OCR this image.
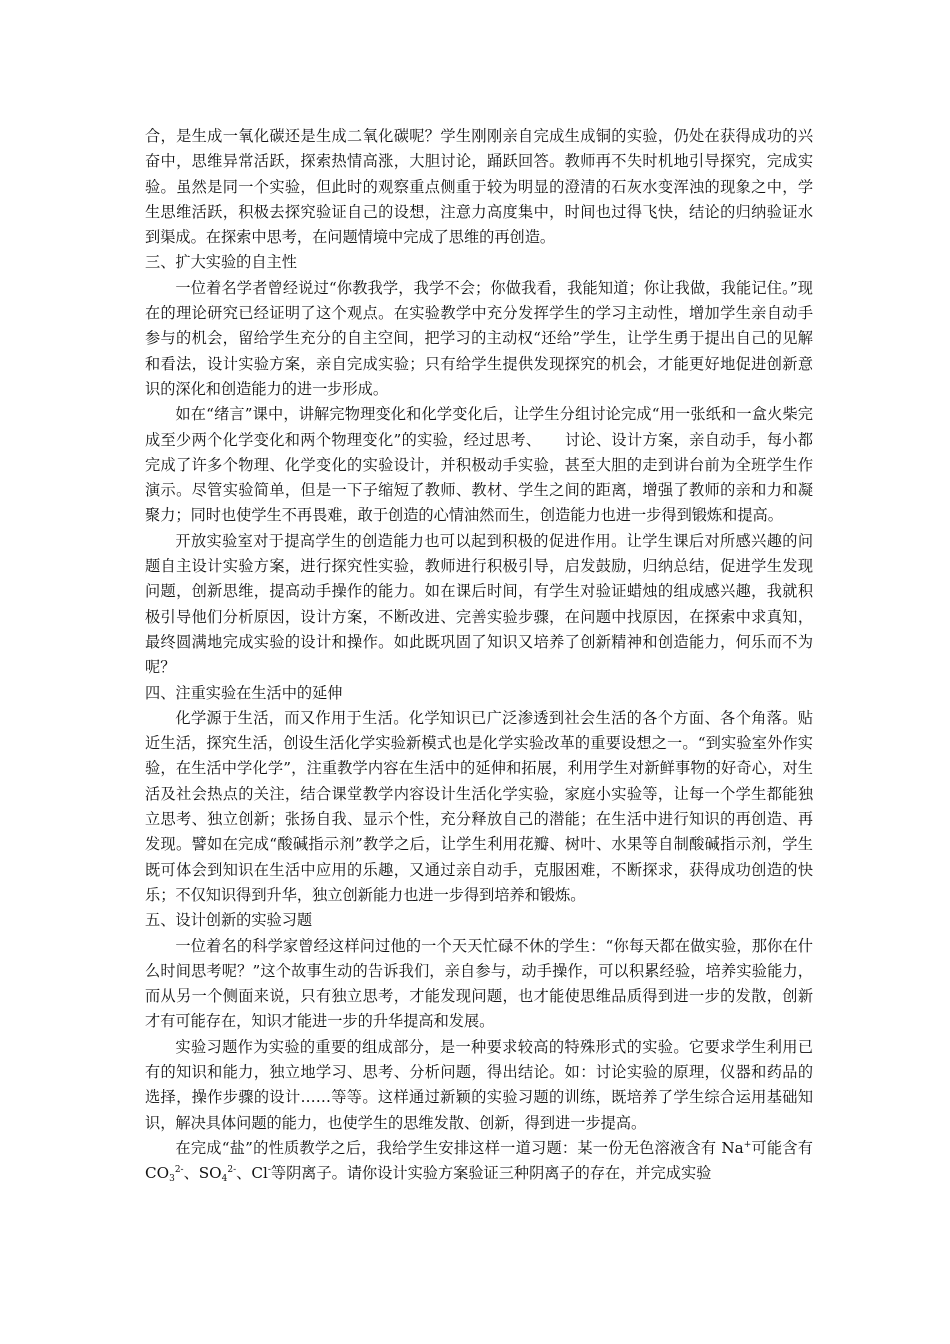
合，是生成一氧化碳还是生成二氧化碳呢？学生刚刚亲自完成生成铜的实验，仍处在获得成功的兴奋中，思维异常活跃，探索热情高涨，大胆讨论，踊跃回答。教师再不失时机地引导探究，完成实验。虽然是同一个实验，但此时的观察重点侧重于较为明显的澄清的石灰水变浑浊的现象之中，学生思维活跃，积极去探究验证自己的设想，注意力高度集中，时间也过得飞快，结论的归纳验证水到渠成。在探索中思考，在问题情境中完成了思维的再创造。

三、扩大实验的自主性

一位着名学者曾经说过“你教我学，我学不会；你做我看，我能知道；你让我做，我能记住。”现在的理论研究已经证明了这个观点。在实验教学中充分发挥学生的学习主动性，增加学生亲自动手参与的机会，留给学生充分的自主空间，把学习的主动权“还给”学生，让学生勇于提出自己的见解和看法，设计实验方案，亲自完成实验；只有给学生提供发现探究的机会，才能更好地促进创新意识的深化和创造能力的进一步形成。

如在“绪言”课中，讲解完物理变化和化学变化后，让学生分组讨论完成“用一张纸和一盒火柴完成至少两个化学变化和两个物理变化”的实验，经过思考、　　讨论、设计方案，亲自动手，每小都完成了许多个物理、化学变化的实验设计，并积极动手实验，甚至大胆的走到讲台前为全班学生作演示。尽管实验简单，但是一下子缩短了教师、教材、学生之间的距离，增强了教师的亲和力和凝聚力；同时也使学生不再畏难，敢于创造的心情油然而生，创造能力也进一步得到锻炼和提高。

开放实验室对于提高学生的创造能力也可以起到积极的促进作用。让学生课后对所感兴趣的问题自主设计实验方案，进行探究性实验，教师进行积极引导，启发鼓励，归纳总结，促进学生发现问题，创新思维，提高动手操作的能力。如在课后时间，有学生对验证蜡烛的组成感兴趣，我就积极引导他们分析原因，设计方案，不断改进、完善实验步骤，在问题中找原因，在探索中求真知，最终圆满地完成实验的设计和操作。如此既巩固了知识又培养了创新精神和创造能力，何乐而不为呢？

四、注重实验在生活中的延伸

化学源于生活，而又作用于生活。化学知识已广泛渗透到社会生活的各个方面、各个角落。贴近生活，探究生活，创设生活化学实验新模式也是化学实验改革的重要设想之一。“到实验室外作实验，在生活中学化学”，注重教学内容在生活中的延伸和拓展，利用学生对新鲜事物的好奇心，对生活及社会热点的关注，结合课堂教学内容设计生活化学实验，家庭小实验等，让每一个学生都能独立思考、独立创新；张扬自我、显示个性，充分释放自己的潜能；在生活中进行知识的再创造、再发现。譬如在完成“酸碱指示剂”教学之后，让学生利用花瓣、树叶、水果等自制酸碱指示剂，学生既可体会到知识在生活中应用的乐趣，又通过亲自动手，克服困难，不断探求，获得成功创造的快乐；不仅知识得到升华，独立创新能力也进一步得到培养和锻炼。

五、设计创新的实验习题

一位着名的科学家曾经这样问过他的一个天天忙碌不休的学生：“你每天都在做实验，那你在什么时间思考呢？”这个故事生动的告诉我们，亲自参与，动手操作，可以积累经验，培养实验能力，而从另一个侧面来说，只有独立思考，才能发现问题，也才能使思维品质得到进一步的发散，创新才有可能存在，知识才能进一步的升华提高和发展。

实验习题作为实验的重要的组成部分，是一种要求较高的特殊形式的实验。它要求学生利用已有的知识和能力，独立地学习、思考、分析问题，得出结论。如：讨论实验的原理，仪器和药品的选择，操作步骤的设计……等等。这样通过新颖的实验习题的训练，既培养了学生综合运用基础知识，解决具体问题的能力，也使学生的思维发散、创新，得到进一步提高。

在完成“盐”的性质教学之后，我给学生安排这样一道习题：某一份无色溶液含有 Na+可能含有 $CO_3^{2-}$、$SO_4^{2-}$、Cl-等阴离子。请你设计实验方案验证三种阴离子的存在，并完成实验
